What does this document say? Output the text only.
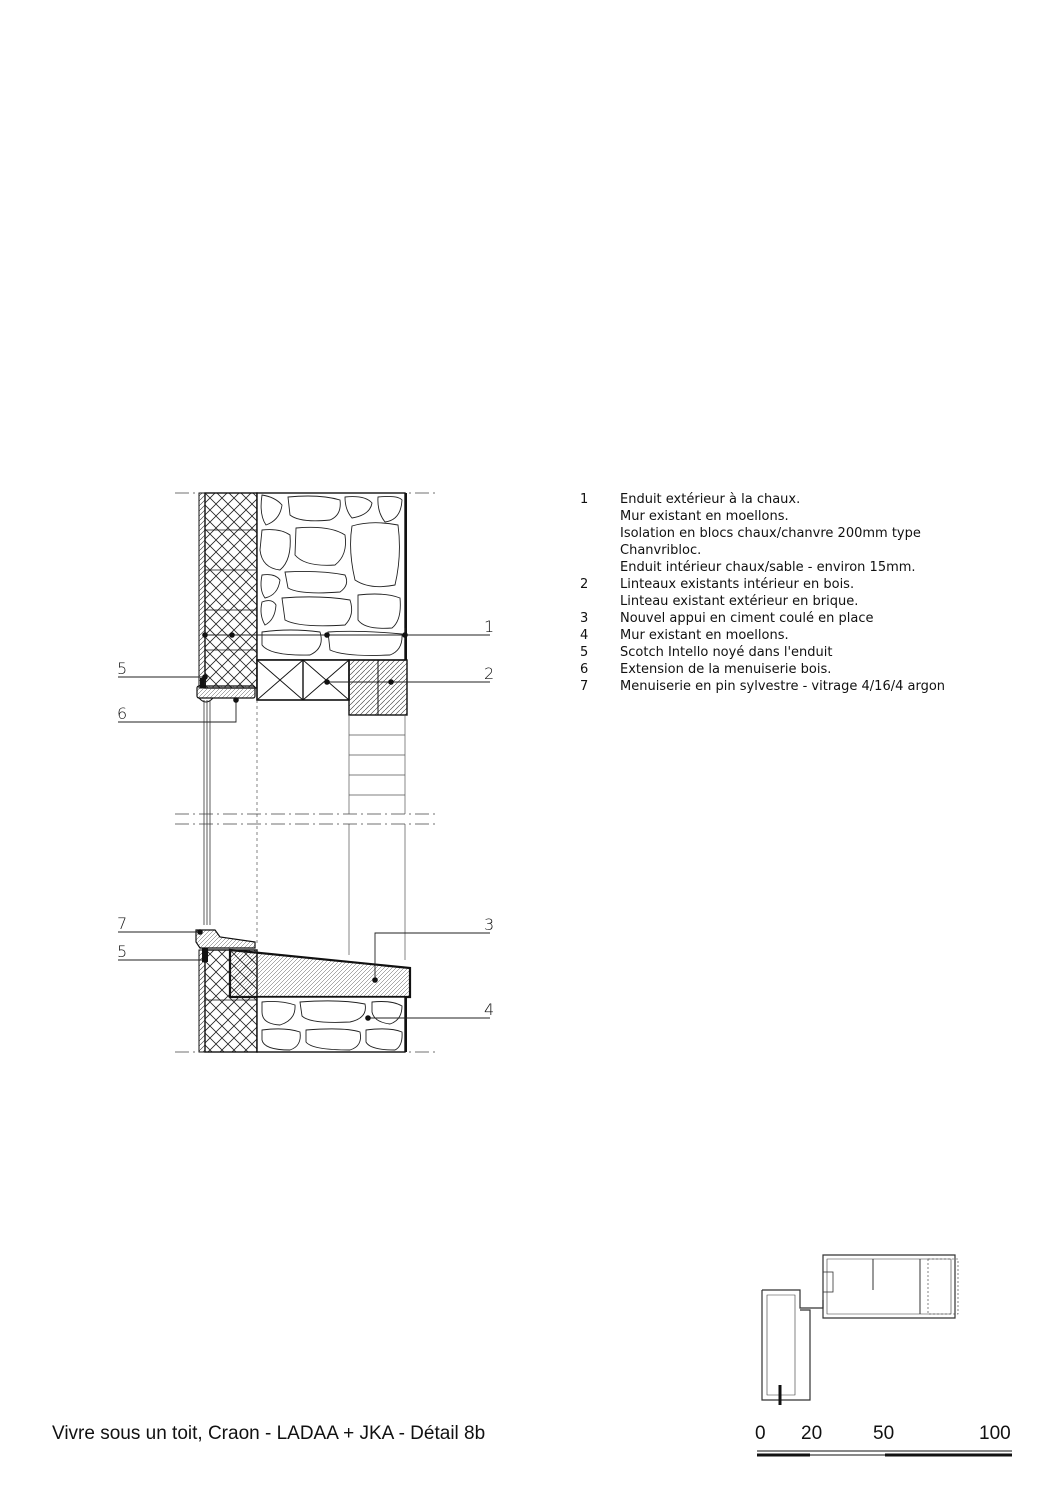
1
2
3
4
5
6
7
5
1	Enduit extérieur à la chaux.
Mur existant en moellons.
Isolation en blocs chaux/chanvre 200mm type
Chanvribloc.
Enduit intérieur chaux/sable - environ 15mm.
2	Linteaux existants intérieur en bois.
Linteau existant extérieur en brique.
3	Nouvel appui en ciment coulé en place
4	Mur existant en moellons.
5	Scotch Intello noyé dans l'enduit
6	Extension de la menuiserie bois.
7	Menuiserie en pin sylvestre - vitrage 4/16/4 argon
Vivre sous un toit, Craon - LADAA + JKA - Détail 8b	0 20	50	100
